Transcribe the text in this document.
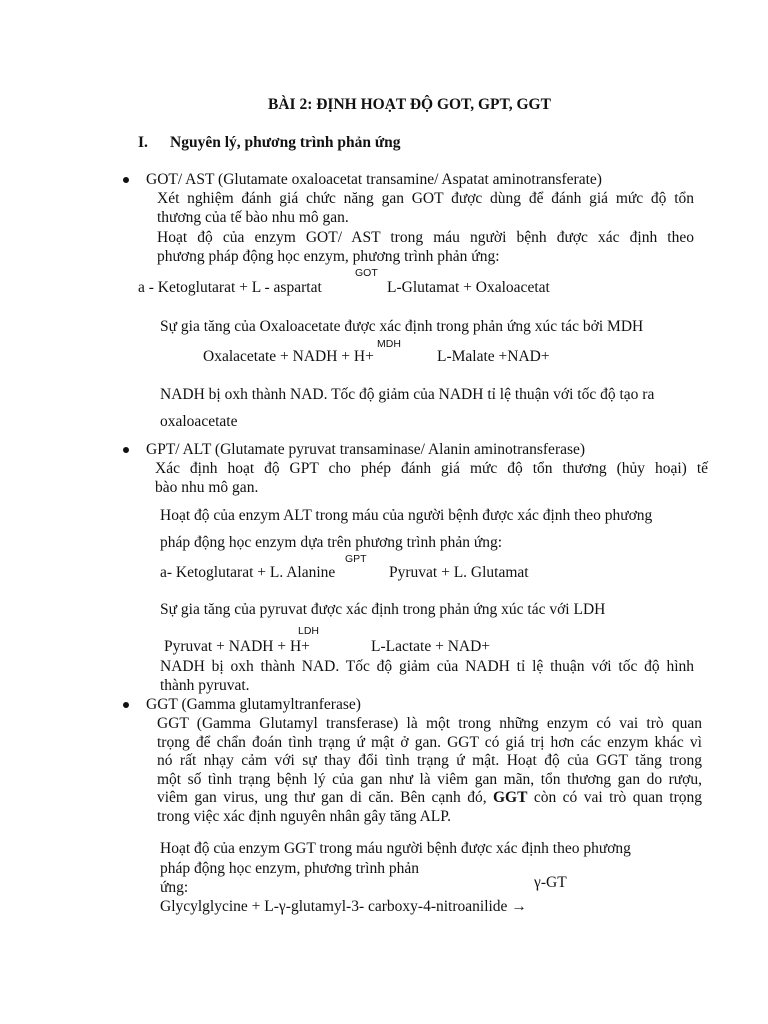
BÀI 2: ĐỊNH HOẠT ĐỘ GOT, GPT, GGT
I. Nguyên lý, phương trình phản ứng
GOT/ AST (Glutamate oxaloacetat transamine/ Aspatat aminotransferate)
Xét nghiệm đánh giá chức năng gan GOT được dùng để đánh giá mức độ tổn
thương của tế bào nhu mô gan.
Hoạt độ của enzym GOT/ AST trong máu người bệnh được xác định theo
phương pháp động học enzym, phương trình phản ứng:
GOT
a - Ketoglutarat + L - aspartat	L-Glutamat + Oxaloacetat
Sự gia tăng của Oxaloacetate được xác định trong phản ứng xúc tác bởi MDH
MDH
Oxalacetate + NADH + H+	L-Malate +NAD+
NADH bị oxh thành NAD. Tốc độ giảm của NADH tỉ lệ thuận với tốc độ tạo ra
oxaloacetate
GPT/ ALT (Glutamate pyruvat transaminase/ Alanin aminotransferase)
Xác định hoạt độ GPT cho phép đánh giá mức độ tổn thương (hủy hoại) tế
bào nhu mô gan.
Hoạt độ của enzym ALT trong máu của người bệnh được xác định theo phương
pháp động học enzym dựa trên phương trình phản ứng:
GPT
a- Ketoglutarat + L. Alanine	Pyruvat + L. Glutamat
Sự gia tăng của pyruvat được xác định trong phản ứng xúc tác với LDH
LDH
Pyruvat + NADH + H+	L-Lactate + NAD+
NADH bị oxh thành NAD. Tốc độ giảm của NADH tỉ lệ thuận với tốc độ hình
thành pyruvat.
GGT (Gamma glutamyltranferase)
GGT (Gamma Glutamyl transferase) là một trong những enzym có vai trò quan
trọng để chẩn đoán tình trạng ứ mật ở gan. GGT có giá trị hơn các enzym khác vì
nó rất nhạy cảm với sự thay đổi tình trạng ứ mật. Hoạt độ của GGT tăng trong
một số tình trạng bệnh lý của gan như là viêm gan mãn, tổn thương gan do rượu,
viêm gan virus, ung thư gan di căn. Bên cạnh đó, GGT còn có vai trò quan trọng
trong việc xác định nguyên nhân gây tăng ALP.
Hoạt độ của enzym GGT trong máu người bệnh được xác định theo phương
pháp động học enzym, phương trình phản
ứng:	γ-GT
Glycylglycine + L-γ-glutamyl-3- carboxy-4-nitroanilide →
